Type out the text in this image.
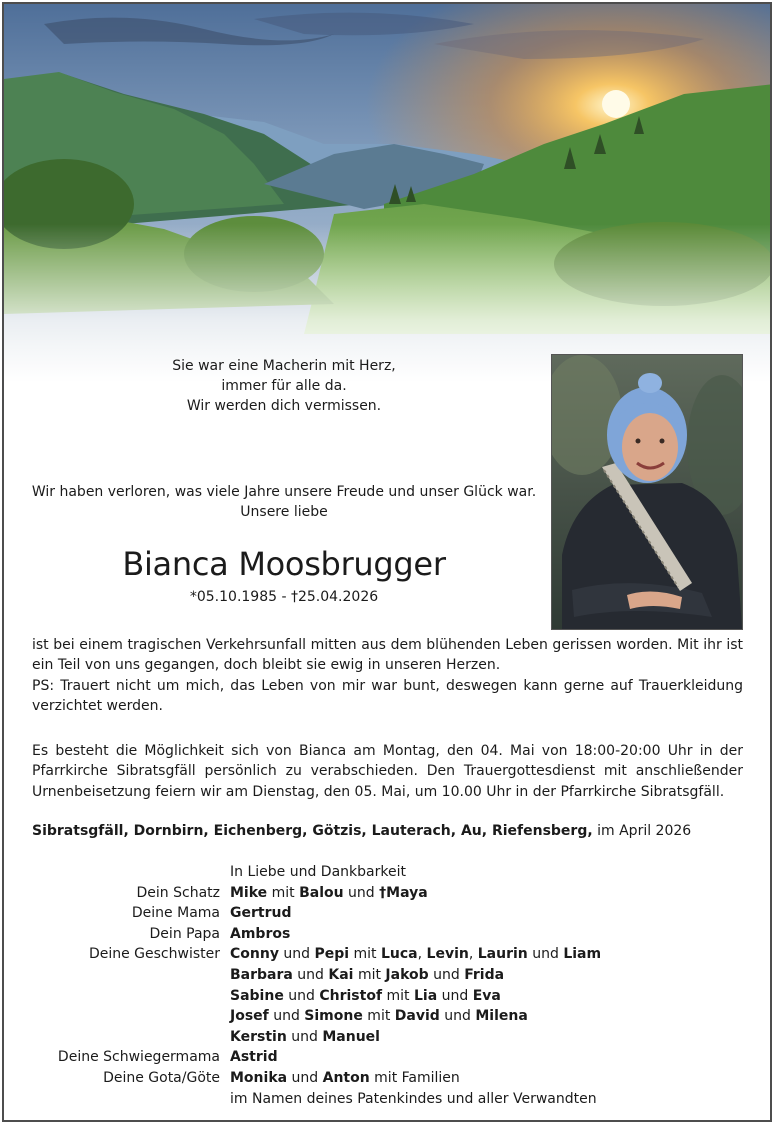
Sie war eine Macherin mit Herz,
immer für alle da.
Wir werden dich vermissen.
Wir haben verloren, was viele Jahre unsere Freude und unser Glück war.
Unsere liebe
Bianca Moosbrugger
*05.10.1985 - †25.04.2026
ist bei einem tragischen Verkehrsunfall mitten aus dem blühenden Leben gerissen worden. Mit ihr ist ein Teil von uns gegangen, doch bleibt sie ewig in unseren Herzen.
PS: Trauert nicht um mich, das Leben von mir war bunt, deswegen kann gerne auf Trauerkleidung verzichtet werden.
Es besteht die Möglichkeit sich von Bianca am Montag, den 04. Mai von 18:00-20:00 Uhr in der Pfarrkirche Sibratsgfäll persönlich zu verabschieden. Den Trauergottesdienst mit anschließender Urnenbeisetzung feiern wir am Dienstag, den 05. Mai, um 10.00 Uhr in der Pfarrkirche Sibratsgfäll.
Sibratsgfäll, Dornbirn, Eichenberg, Götzis, Lauterach, Au, Riefensberg, im April 2026
In Liebe und Dankbarkeit
Dein Schatz Mike mit Balou und †Maya
Deine Mama Gertrud
Dein Papa Ambros
Deine Geschwister Conny und Pepi mit Luca, Levin, Laurin und Liam
Barbara und Kai mit Jakob und Frida
Sabine und Christof mit Lia und Eva
Josef und Simone mit David und Milena
Kerstin und Manuel
Deine Schwiegermama Astrid
Deine Gota/Göte Monika und Anton mit Familien
im Namen deines Patenkindes und aller Verwandten
